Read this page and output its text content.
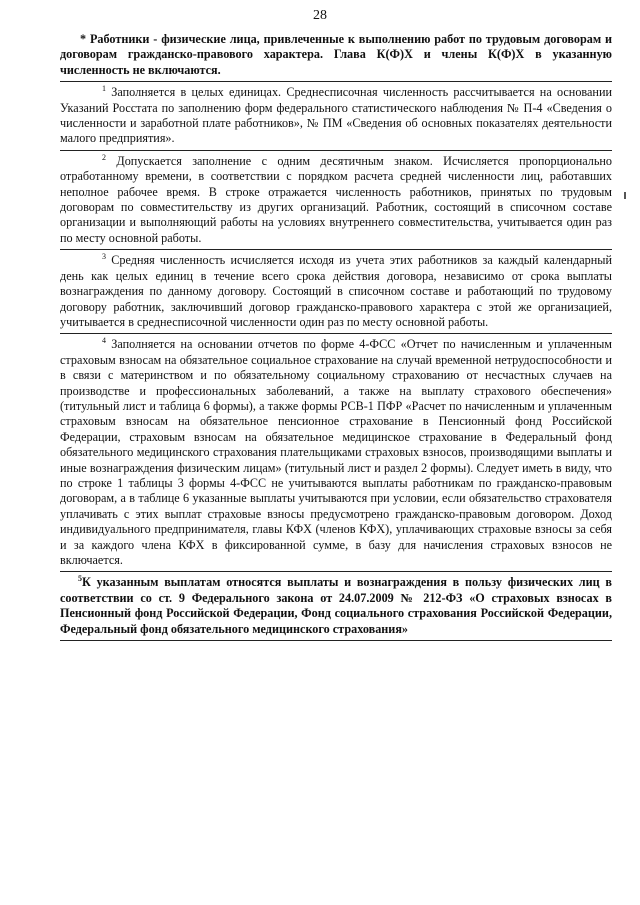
28

* Работники - физические лица, привлеченные к выполнению работ по трудовым договорам и договорам гражданско-правового характера. Глава К(Ф)Х и члены К(Ф)Х в указанную численность не включаются.

$^1$ Заполняется в целых единицах. Среднесписочная численность рассчитывается на основании Указаний Росстата по заполнению форм федерального статистического наблюдения № П-4 «Сведения о численности и заработной плате работников», № ПМ «Сведения об основных показателях деятельности малого предприятия».

$^2$ Допускается заполнение с одним десятичным знаком. Исчисляется пропорционально отработанному времени, в соответствии с порядком расчета средней численности лиц, работавших неполное рабочее время. В строке отражается численность работников, принятых по трудовым договорам по совместительству из других организаций. Работник, состоящий в списочном составе организации и выполняющий работы на условиях внутреннего совместительства, учитывается один раз по месту основной работы.

$^3$ Средняя численность исчисляется исходя из учета этих работников за каждый календарный день как целых единиц в течение всего срока действия договора, независимо от срока выплаты вознаграждения по данному договору. Состоящий в списочном составе и работающий по трудовому договору работник, заключивший договор гражданско-правового характера с этой же организацией, учитывается в среднесписочной численности один раз по месту основной работы.

$^4$ Заполняется на основании отчетов по форме 4-ФСС «Отчет по начисленным и уплаченным страховым взносам на обязательное социальное страхование на случай временной нетрудоспособности и в связи с материнством и по обязательному социальному страхованию от несчастных случаев на производстве и профессиональных заболеваний, а также на выплату страхового обеспечения» (титульный лист и таблица 6 формы), а также формы РСВ-1 ПФР «Расчет по начисленным и уплаченным страховым взносам на обязательное пенсионное страхование в Пенсионный фонд Российской Федерации, страховым взносам на обязательное медицинское страхование в Федеральный фонд обязательного медицинского страхования плательщиками страховых взносов, производящими выплаты и иные вознаграждения физическим лицам» (титульный лист и раздел 2 формы). Следует иметь в виду, что по строке 1 таблицы 3 формы 4-ФСС не учитываются выплаты работникам по гражданско-правовым договорам, а в таблице 6 указанные выплаты учитываются при условии, если обязательство страхователя уплачивать с этих выплат страховые взносы предусмотрено гражданско-правовым договором. Доход индивидуального предпринимателя, главы КФХ (членов КФХ), уплачивающих страховые взносы за себя и за каждого члена КФХ в фиксированной сумме, в базу для начисления страховых взносов не включается.

$^5$К указанным выплатам относятся выплаты и вознаграждения в пользу физических лиц в соответствии со ст. 9 Федерального закона от 24.07.2009 № 212-ФЗ «О страховых взносах в Пенсионный фонд Российской Федерации, Фонд социального страхования Российской Федерации, Федеральный фонд обязательного медицинского страхования»
